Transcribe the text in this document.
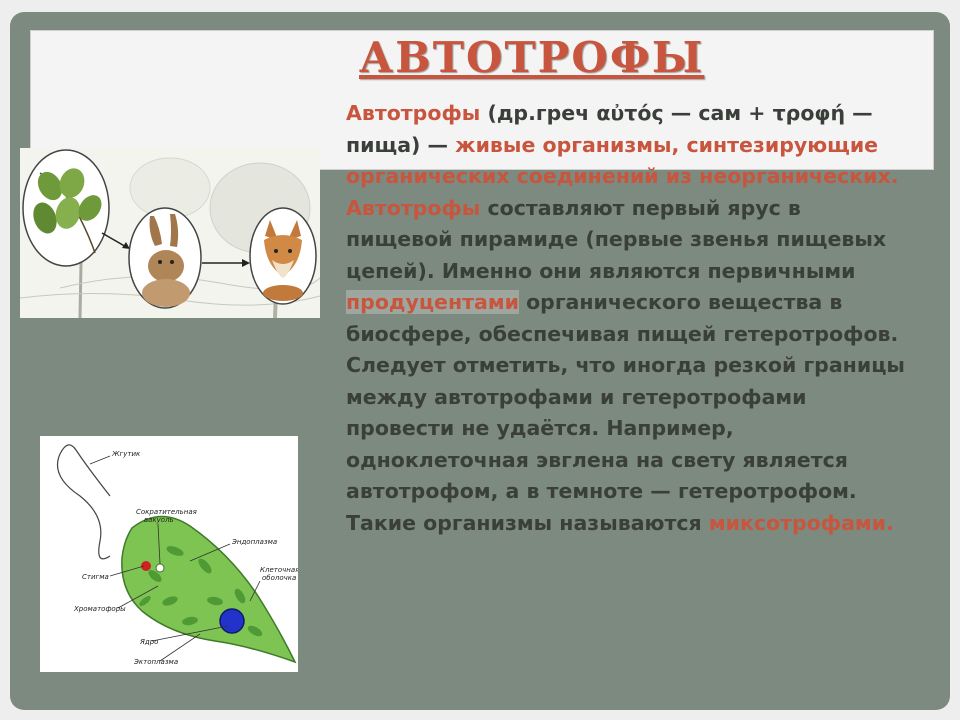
АВТОТРОФЫ
Жгутик
Сократительная
вакуоль
Стигма
Хроматофоры
Эндоплазма
Клеточная
оболочка
Ядро
Эктоплазма

Автотрофы (др.греч αὐτός — сам + τροφή — пища) — живые организмы, синтезирующие органических соединений из неорганических. Автотрофы составляют первый ярус в пищевой пирамиде (первые звенья пищевых цепей). Именно они являются первичными продуцентами органического вещества в биосфере, обеспечивая пищей гетеротрофов. Следует отметить, что иногда резкой границы между автотрофами и гетеротрофами провести не удаётся. Например, одноклеточная эвглена на свету является автотрофом, а в темноте — гетеротрофом. Такие организмы называются миксотрофами.
